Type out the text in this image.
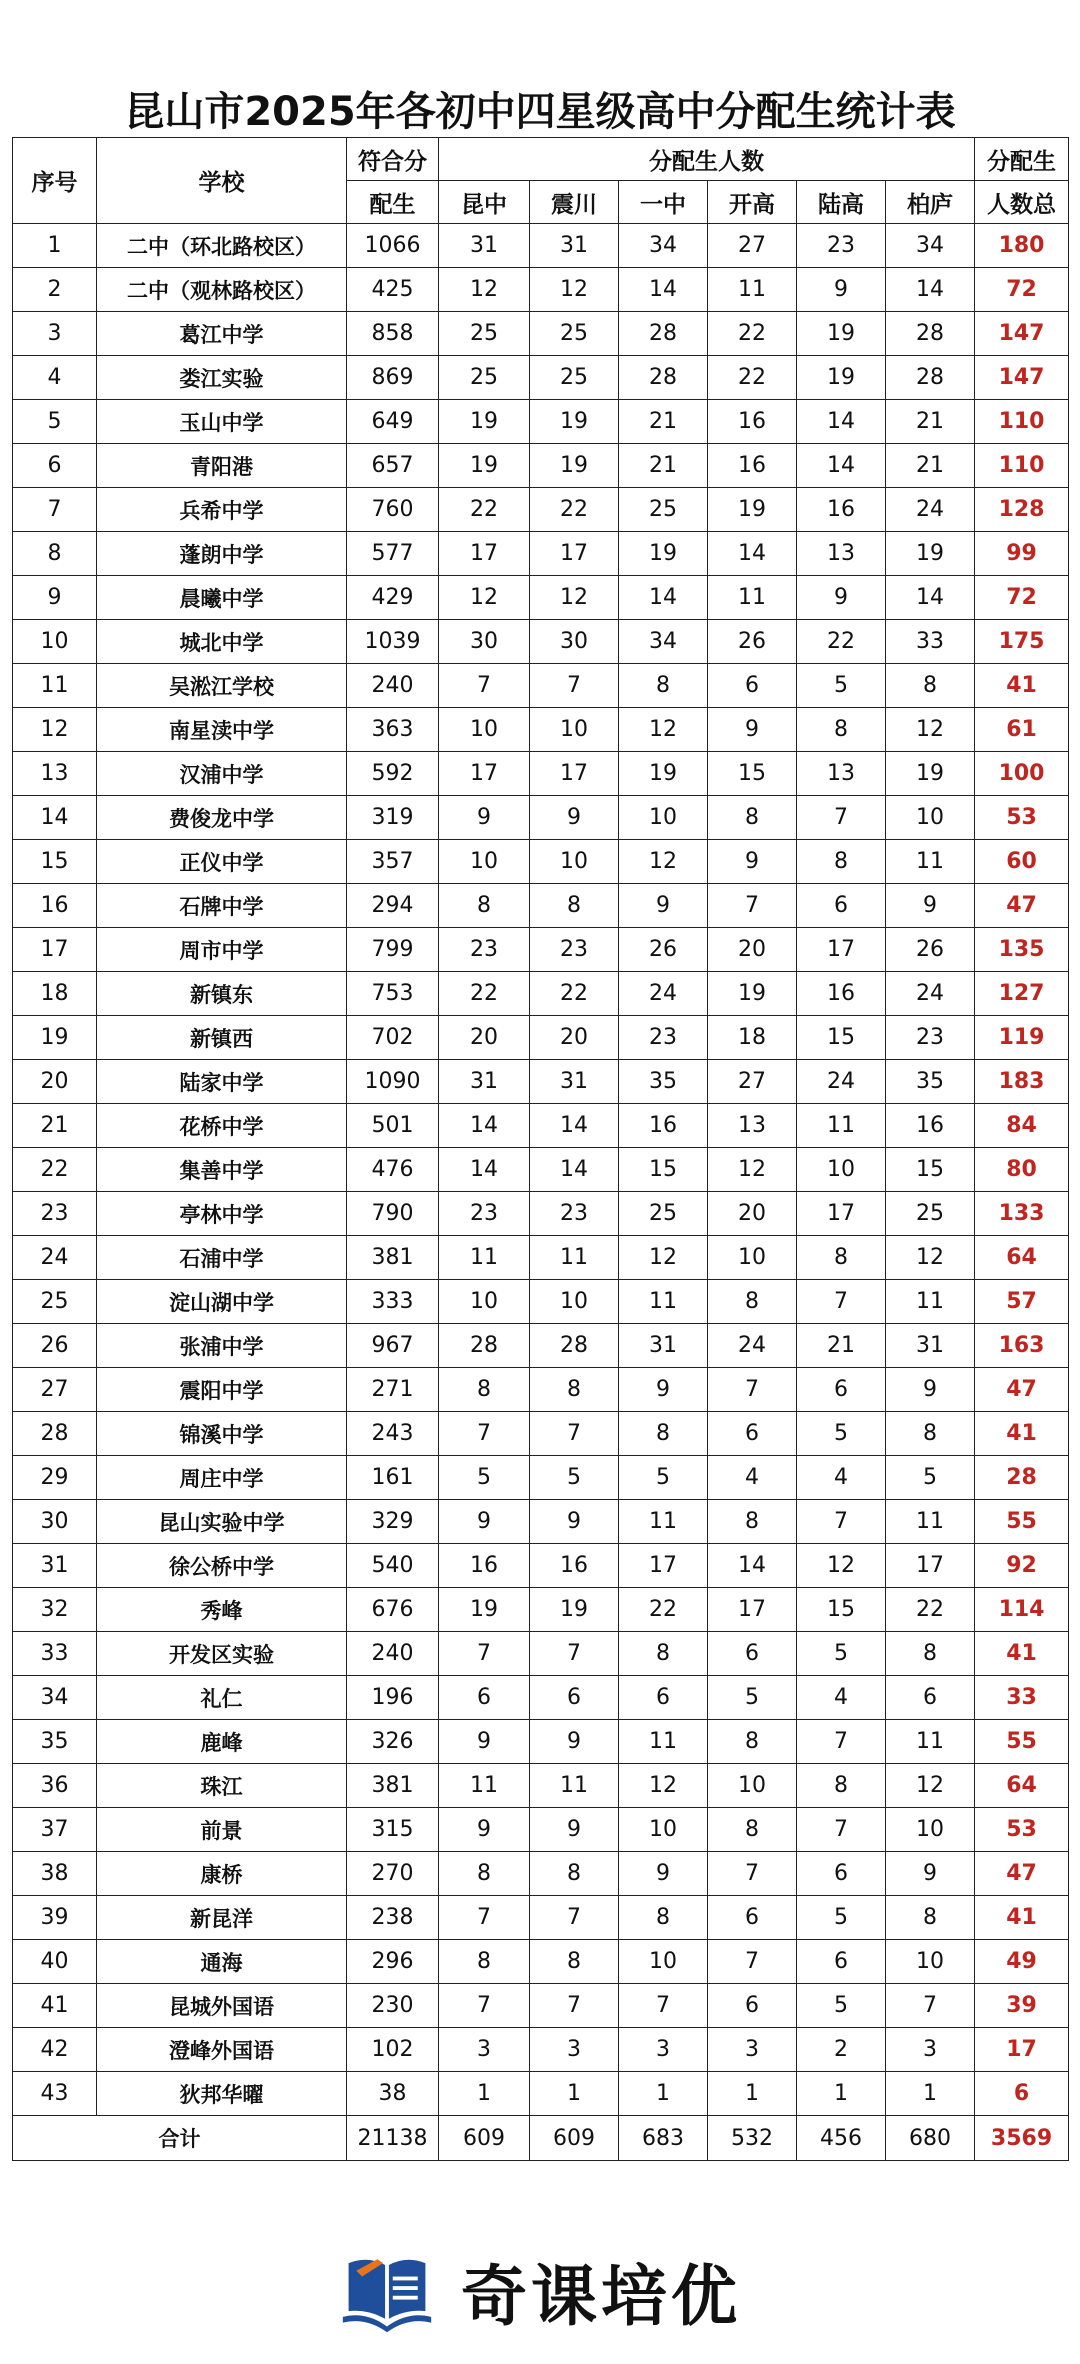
昆山市2025年各初中四星级高中分配生统计表
序号	学校	符合分	分配生人数						分配生
		配生	昆中	震川	一中	开高	陆高	柏庐	人数总
1	二中（环北路校区）	1066	31	31	34	27	23	34	180
2	二中（观林路校区）	425	12	12	14	11	9	14	72
3	葛江中学	858	25	25	28	22	19	28	147
4	娄江实验	869	25	25	28	22	19	28	147
5	玉山中学	649	19	19	21	16	14	21	110
6	青阳港	657	19	19	21	16	14	21	110
7	兵希中学	760	22	22	25	19	16	24	128
8	蓬朗中学	577	17	17	19	14	13	19	99
9	晨曦中学	429	12	12	14	11	9	14	72
10	城北中学	1039	30	30	34	26	22	33	175
11	吴淞江学校	240	7	7	8	6	5	8	41
12	南星渎中学	363	10	10	12	9	8	12	61
13	汉浦中学	592	17	17	19	15	13	19	100
14	费俊龙中学	319	9	9	10	8	7	10	53
15	正仪中学	357	10	10	12	9	8	11	60
16	石牌中学	294	8	8	9	7	6	9	47
17	周市中学	799	23	23	26	20	17	26	135
18	新镇东	753	22	22	24	19	16	24	127
19	新镇西	702	20	20	23	18	15	23	119
20	陆家中学	1090	31	31	35	27	24	35	183
21	花桥中学	501	14	14	16	13	11	16	84
22	集善中学	476	14	14	15	12	10	15	80
23	亭林中学	790	23	23	25	20	17	25	133
24	石浦中学	381	11	11	12	10	8	12	64
25	淀山湖中学	333	10	10	11	8	7	11	57
26	张浦中学	967	28	28	31	24	21	31	163
27	震阳中学	271	8	8	9	7	6	9	47
28	锦溪中学	243	7	7	8	6	5	8	41
29	周庄中学	161	5	5	5	4	4	5	28
30	昆山实验中学	329	9	9	11	8	7	11	55
31	徐公桥中学	540	16	16	17	14	12	17	92
32	秀峰	676	19	19	22	17	15	22	114
33	开发区实验	240	7	7	8	6	5	8	41
34	礼仁	196	6	6	6	5	4	6	33
35	鹿峰	326	9	9	11	8	7	11	55
36	珠江	381	11	11	12	10	8	12	64
37	前景	315	9	9	10	8	7	10	53
38	康桥	270	8	8	9	7	6	9	47
39	新昆洋	238	7	7	8	6	5	8	41
40	通海	296	8	8	10	7	6	10	49
41	昆城外国语	230	7	7	7	6	5	7	39
42	澄峰外国语	102	3	3	3	3	2	3	17
43	狄邦华曜	38	1	1	1	1	1	1	6
合计		21138	609	609	683	532	456	680	3569
奇课培优
